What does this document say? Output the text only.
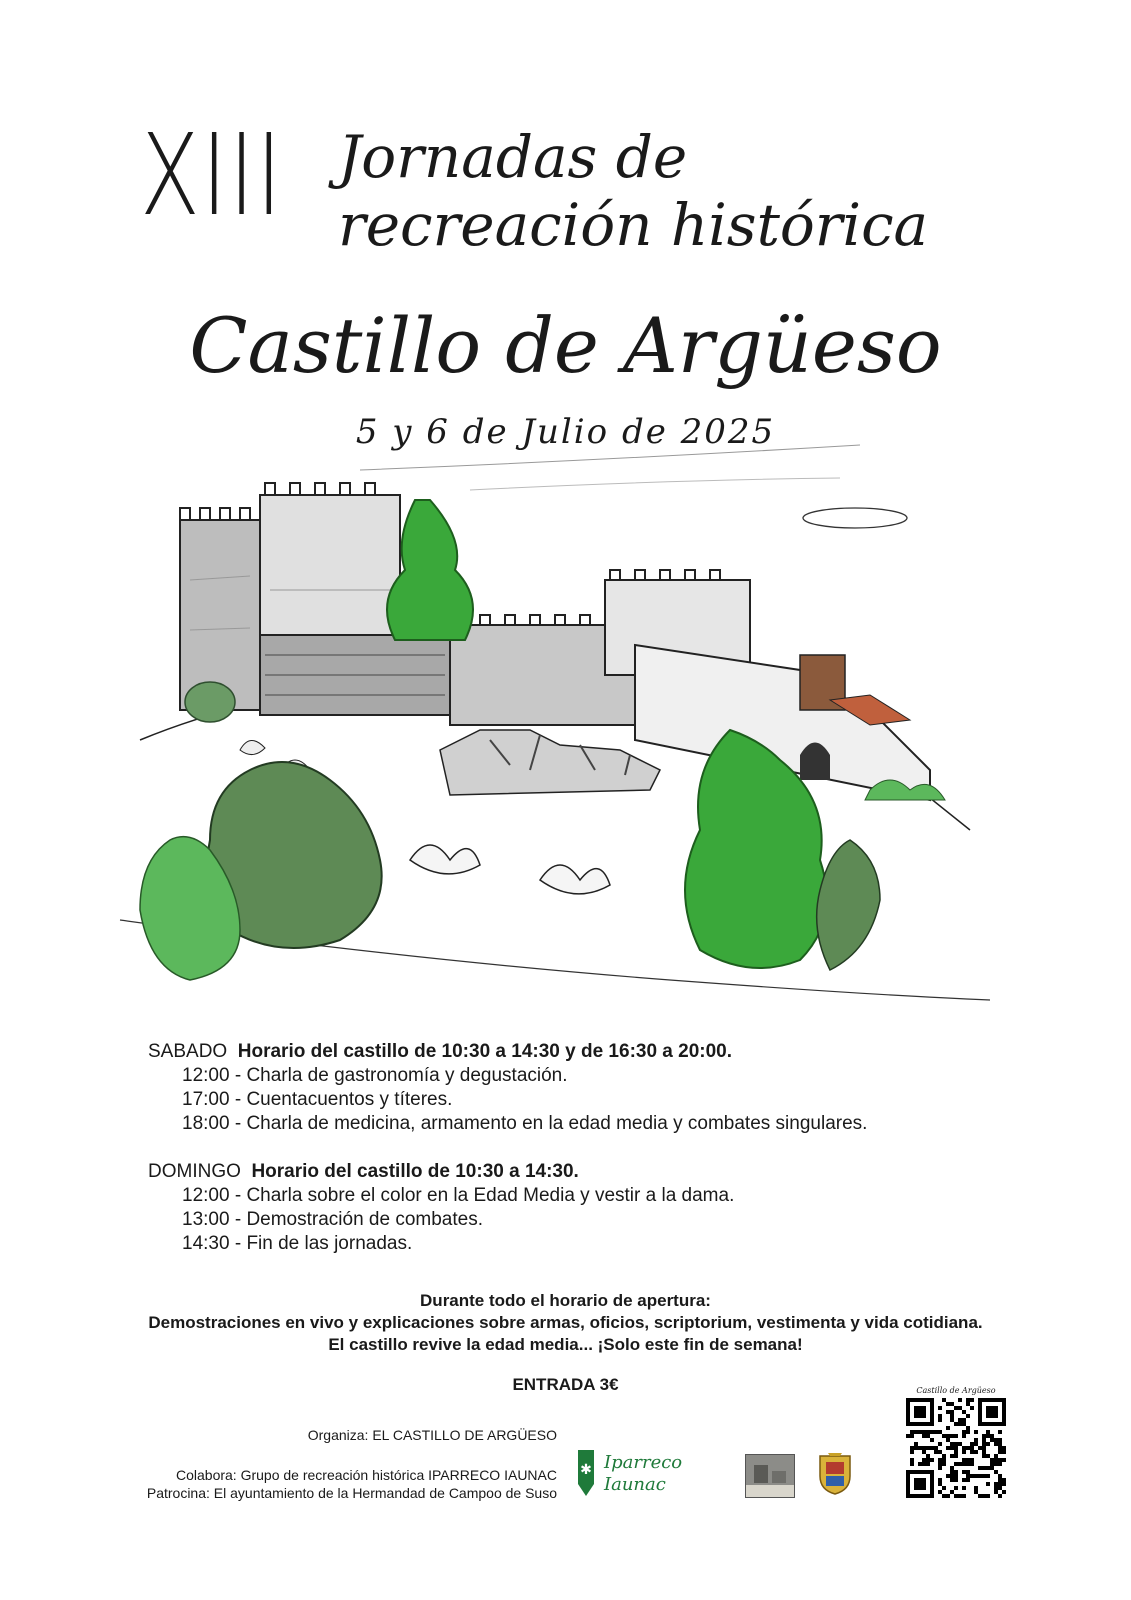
XIII Jornadas de
recreación histórica
Castillo de Argüeso
5 y 6 de Julio de 2025
SABADO Horario del castillo de 10:30 a 14:30 y de 16:30 a 20:00.
12:00 - Charla de gastronomía y degustación.
17:00 - Cuentacuentos y títeres.
18:00 - Charla de medicina, armamento en la edad media y combates singulares.
DOMINGO Horario del castillo de 10:30 a 14:30.
12:00 - Charla sobre el color en la Edad Media y vestir a la dama.
13:00 - Demostración de combates.
14:30 - Fin de las jornadas.
Durante todo el horario de apertura:
Demostraciones en vivo y explicaciones sobre armas, oficios, scriptorium, vestimenta y vida cotidiana.
El castillo revive la edad media... ¡Solo este fin de semana!
ENTRADA 3€
Organiza: EL CASTILLO DE ARGÜESO
Colabora: Grupo de recreación histórica IPARRECO IAUNAC
Patrocina: El ayuntamiento de la Hermandad de Campoo de Suso
✱ Iparreco
Iaunac
Castillo de Argüeso
